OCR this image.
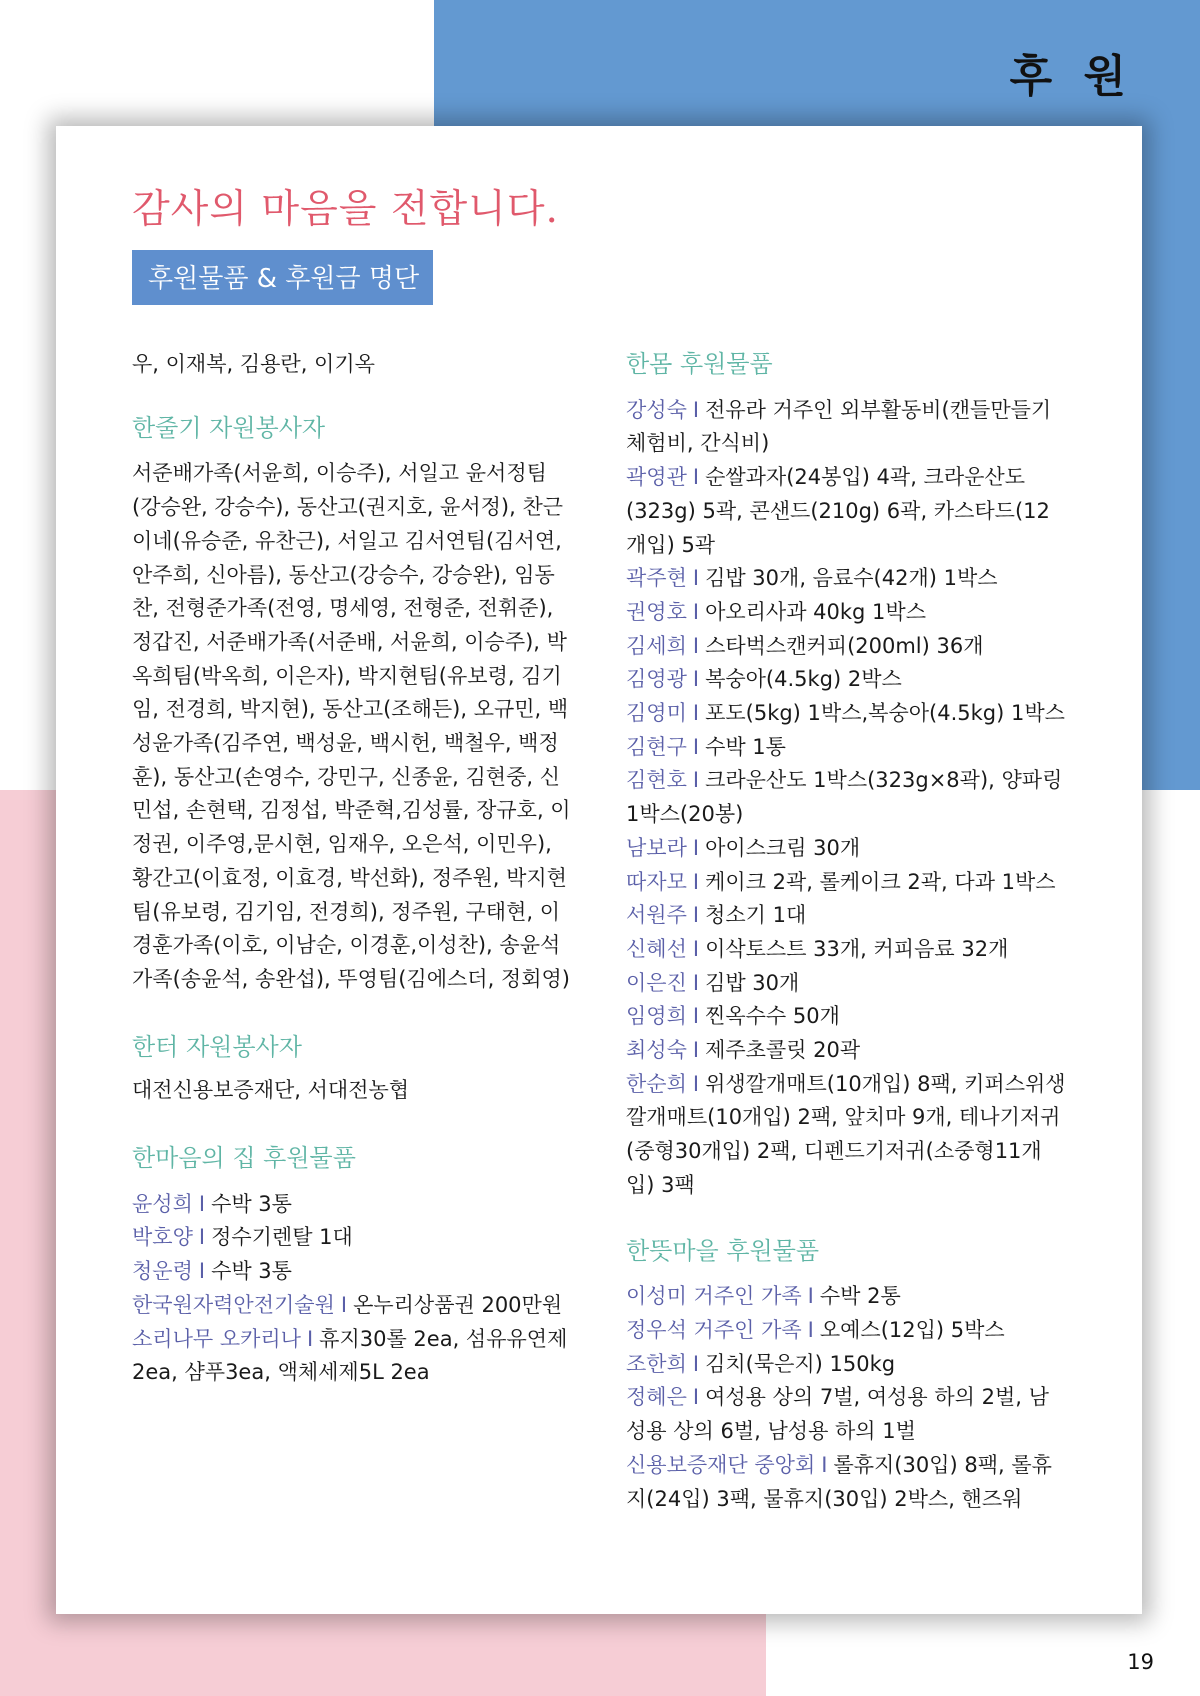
후 원
감사의 마음을 전합니다.
후원물품 & 후원금 명단

우, 이재복, 김용란, 이기옥

한줄기 자원봉사자

서준배가족(서윤희, 이승주), 서일고 윤서정팀(강승완, 강승수), 동산고(권지호, 윤서정), 찬근이네(유승준, 유찬근), 서일고 김서연팀(김서연, 안주희, 신아름), 동산고(강승수, 강승완), 임동찬, 전형준가족(전영, 명세영, 전형준, 전휘준), 정갑진, 서준배가족(서준배, 서윤희, 이승주), 박옥희팀(박옥희, 이은자), 박지현팀(유보령, 김기임, 전경희, 박지현), 동산고(조해든), 오규민, 백성윤가족(김주연, 백성윤, 백시헌, 백철우, 백정훈), 동산고(손영수, 강민구, 신종윤, 김현중, 신민섭, 손현택, 김정섭, 박준혁,김성률, 장규호, 이정권, 이주영,문시현, 임재우, 오은석, 이민우), 황간고(이효정, 이효경, 박선화), 정주원, 박지현팀(유보령, 김기임, 전경희), 정주원, 구태현, 이경훈가족(이호, 이남순, 이경훈,이성찬), 송윤석가족(송윤석, 송완섭), 뚜영팀(김에스더, 정회영)

한터 자원봉사자

대전신용보증재단, 서대전농협

한마음의 집 후원물품

윤성희 I 수박 3통

박호양 I 정수기렌탈 1대

청운령 I 수박 3통

한국원자력안전기술원 I 온누리상품권 200만원

소리나무 오카리나 I 휴지30롤 2ea, 섬유유연제2ea, 샴푸3ea, 액체세제5L 2ea

한몸 후원물품

강성숙 I 전유라 거주인 외부활동비(캔들만들기 체험비, 간식비)

곽영관 I 순쌀과자(24봉입) 4곽, 크라운산도(323g) 5곽, 콘샌드(210g) 6곽, 카스타드(12개입) 5곽

곽주현 I 김밥 30개, 음료수(42개) 1박스

권영호 I 아오리사과 40kg 1박스

김세희 I 스타벅스캔커피(200ml) 36개

김영광 I 복숭아(4.5kg) 2박스

김영미 I 포도(5kg) 1박스,복숭아(4.5kg) 1박스

김현구 I 수박 1통

김현호 I 크라운산도 1박스(323g×8곽), 양파링 1박스(20봉)

남보라 I 아이스크림 30개

따자모 I 케이크 2곽, 롤케이크 2곽, 다과 1박스

서원주 I 청소기 1대

신혜선 I 이삭토스트 33개, 커피음료 32개

이은진 I 김밥 30개

임영희 I 찐옥수수 50개

최성숙 I 제주초콜릿 20곽

한순희 I 위생깔개매트(10개입) 8팩, 키퍼스위생깔개매트(10개입) 2팩, 앞치마 9개, 테나기저귀(중형30개입) 2팩, 디펜드기저귀(소중형11개입) 3팩

한뜻마을 후원물품

이성미 거주인 가족 I 수박 2통

정우석 거주인 가족 I 오예스(12입) 5박스

조한희 I 김치(묵은지) 150kg

정혜은 I 여성용 상의 7벌, 여성용 하의 2벌, 남성용 상의 6벌, 남성용 하의 1벌

신용보증재단 중앙회 I 롤휴지(30입) 8팩, 롤휴지(24입) 3팩, 물휴지(30입) 2박스, 핸즈워

19
